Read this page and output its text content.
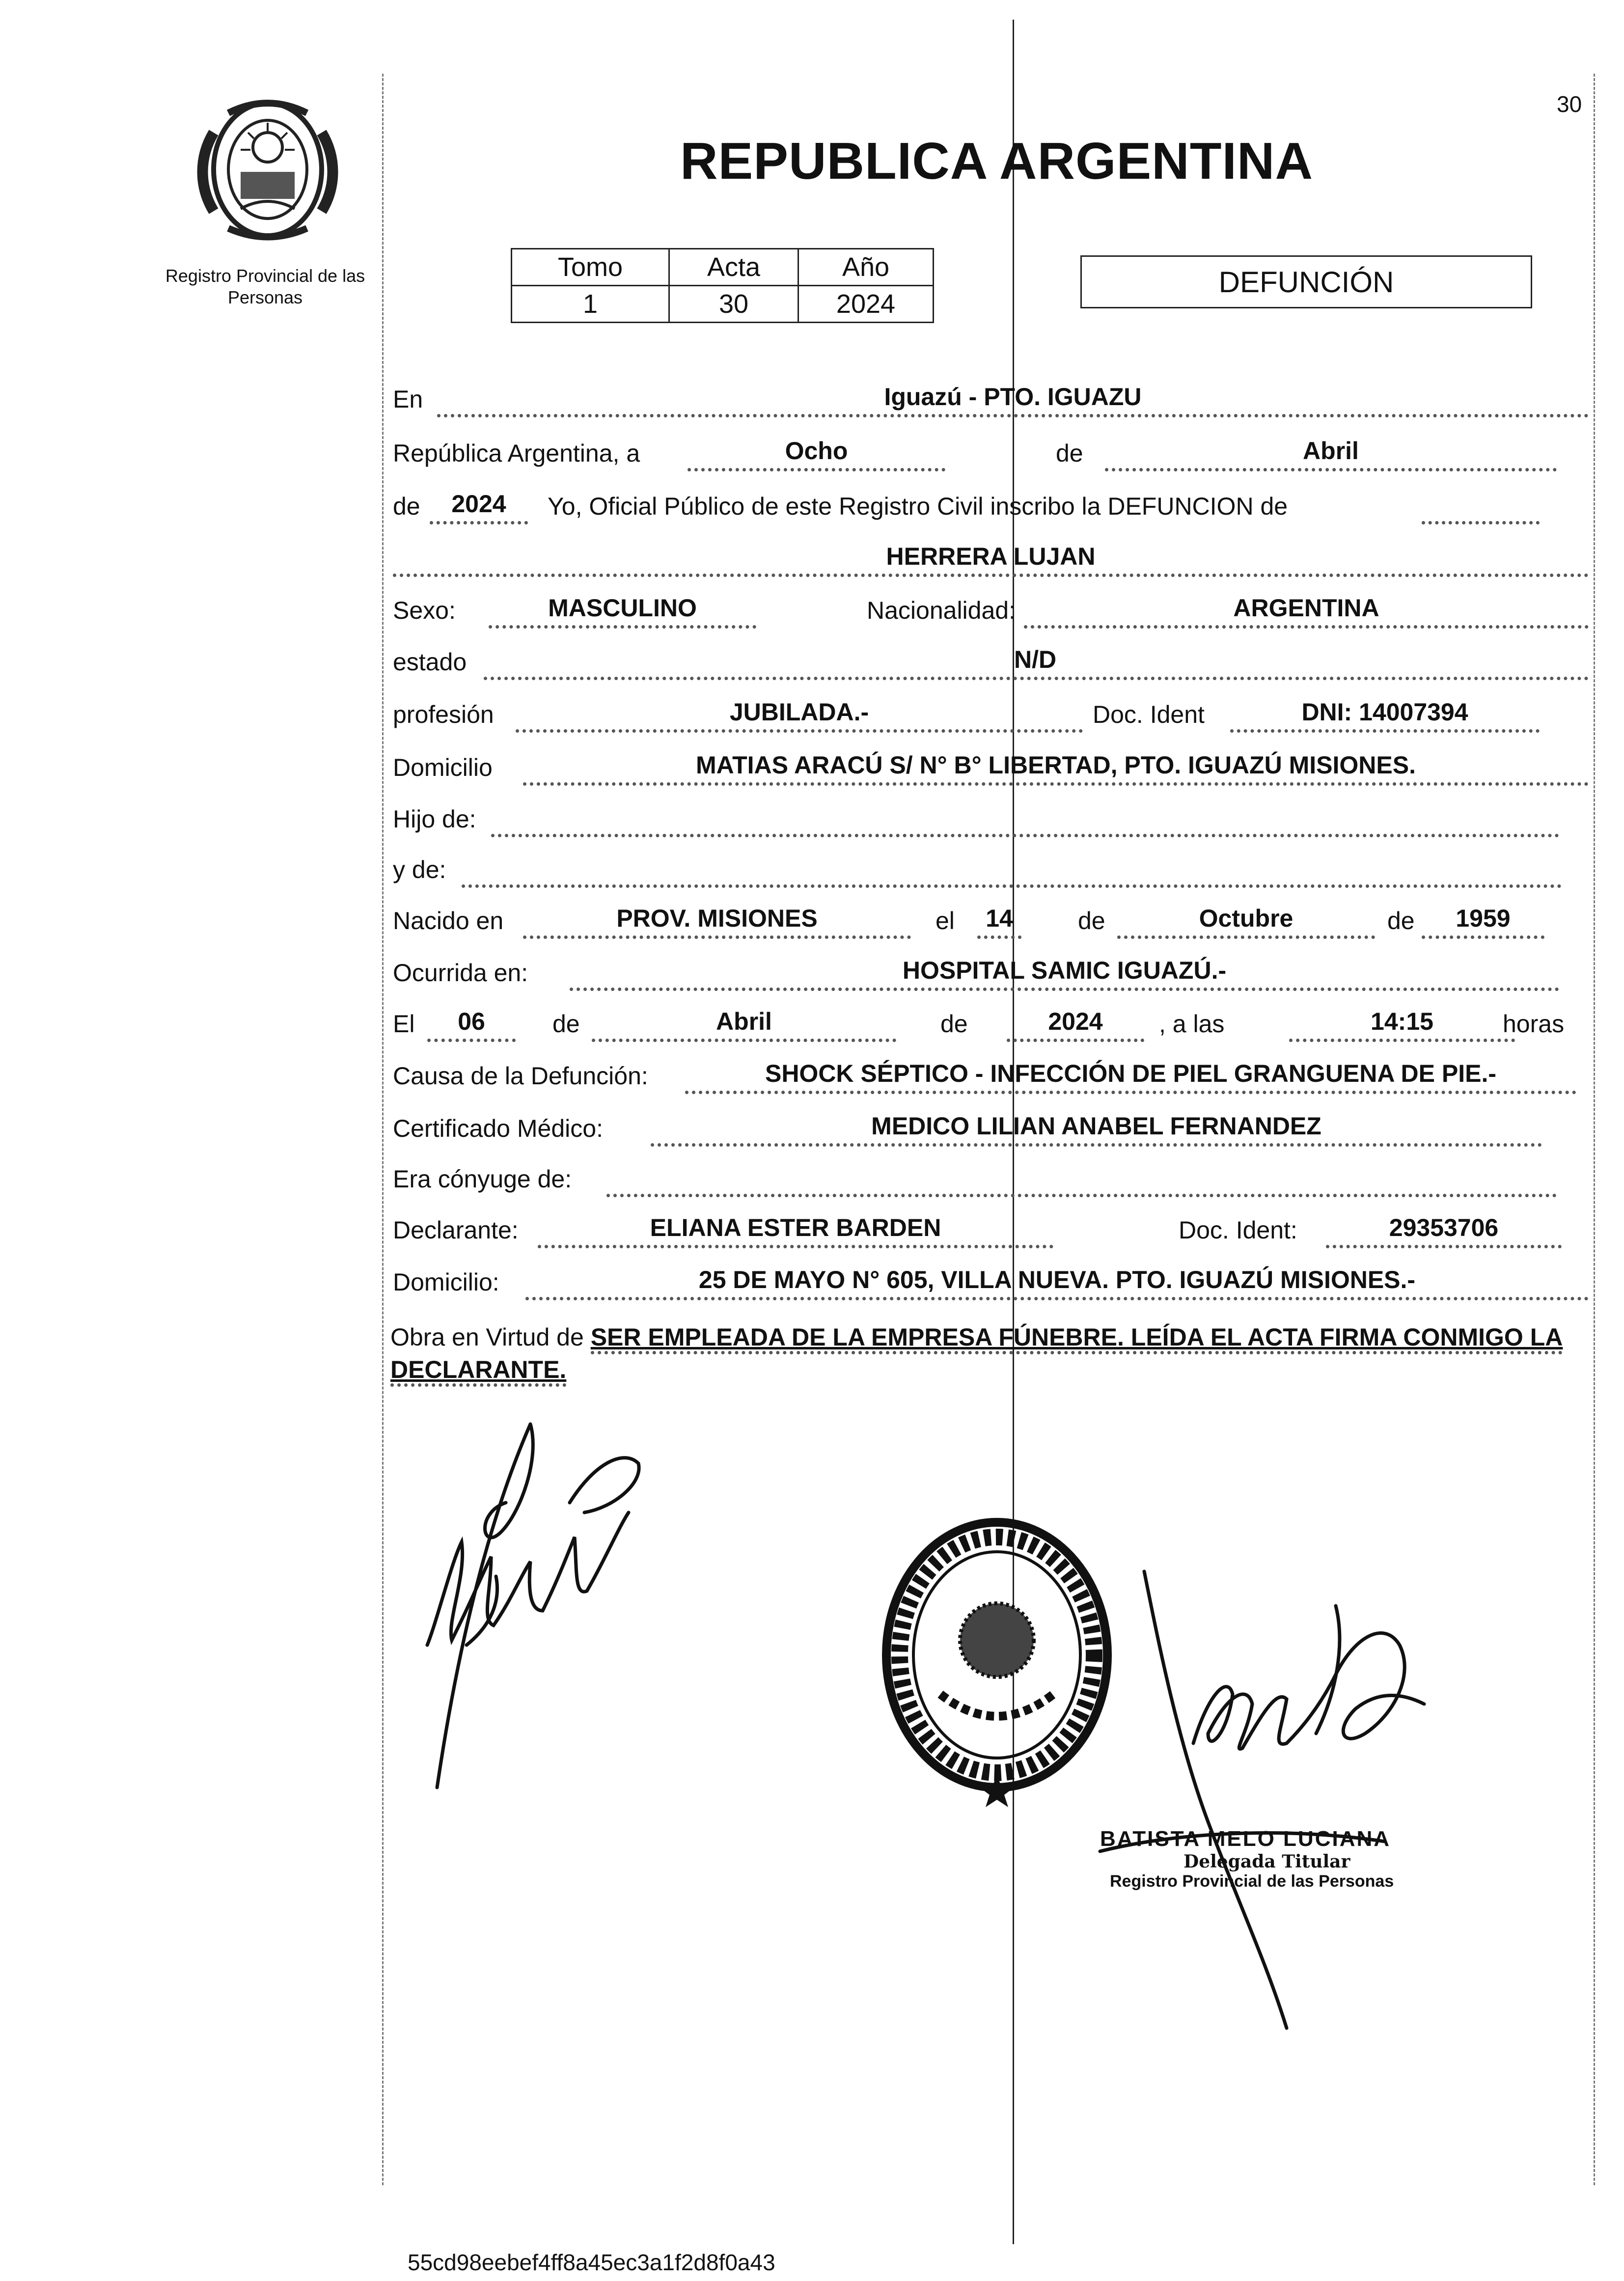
Registro Provincial de las Personas
30
REPUBLICA ARGENTINA
Tomo	Acta	Año
1	30	2024
DEFUNCIÓN
En	Iguazú - PTO. IGUAZU
República Argentina, a	Ocho	de	Abril
de	2024	Yo, Oficial Público de este Registro Civil inscribo la DEFUNCION de
HERRERA LUJAN
Sexo:	MASCULINO	Nacionalidad:	ARGENTINA
estado	N/D
profesión	JUBILADA.-	Doc. Ident	DNI: 14007394
Domicilio	MATIAS ARACÚ S/ N° B° LIBERTAD, PTO. IGUAZÚ MISIONES.
Hijo de:
y de:
Nacido en	PROV. MISIONES	el	14	de	Octubre	de	1959
Ocurrida en:	HOSPITAL SAMIC IGUAZÚ.-
El	06	de	Abril	de	2024	, a las	14:15	horas
Causa de la Defunción:	SHOCK SÉPTICO - INFECCIÓN DE PIEL GRANGUENA DE PIE.-
Certificado Médico:	MEDICO LILIAN ANABEL FERNANDEZ
Era cónyuge de:
Declarante:	ELIANA ESTER BARDEN	Doc. Ident:	29353706
Domicilio:	25 DE MAYO N° 605, VILLA NUEVA. PTO. IGUAZÚ MISIONES.-
Obra en Virtud de SER EMPLEADA DE LA EMPRESA FÚNEBRE. LEÍDA EL ACTA FIRMA CONMIGO LA DECLARANTE.
BATISTA MELO LUCIANA
Delegada Titular
Registro Provincial de las Personas
55cd98eebef4ff8a45ec3a1f2d8f0a43
